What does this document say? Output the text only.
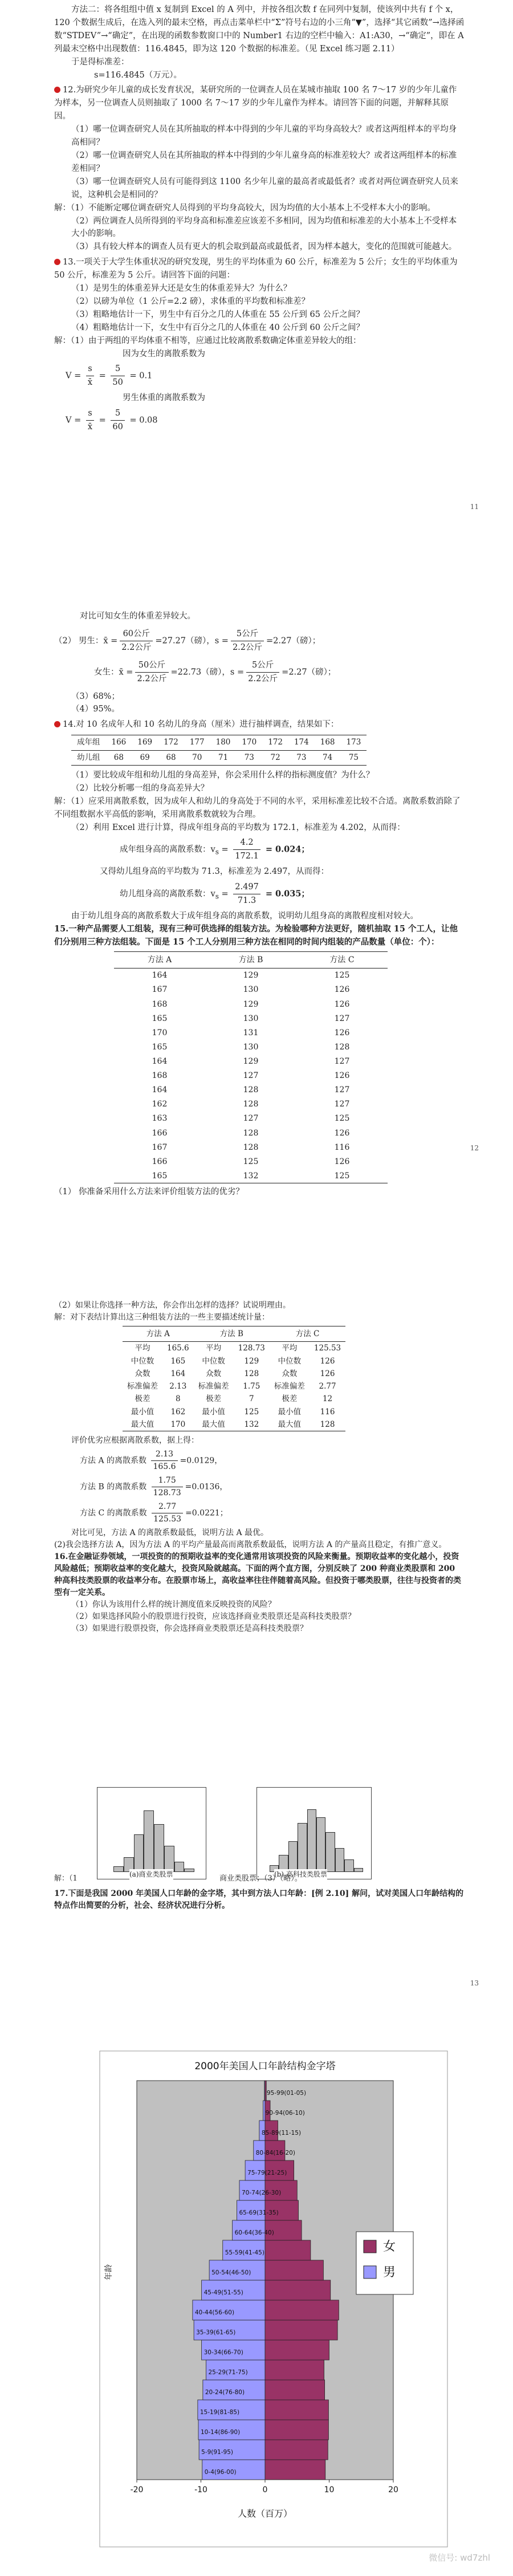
方法二：将各组组中值 x 复制到 Excel 的 A 列中，并按各组次数 f 在同列中复制，使该列中共有 f 个 x，120 个数据生成后，在选入列的最末空格，再点击菜单栏中“Σ”符号右边的小三角“▼”，选择“其它函数”→选择函数“STDEV”→“确定”，在出现的函数参数窗口中的 Number1 右边的空栏中输入：A1:A30，→“确定”，即在 A 列最末空格中出现数值：116.4845，即为这 120 个数据的标准差。（见 Excel 练习题 2.11）

于是得标准差：

s=116.4845（万元）。

12.为研究少年儿童的成长发育状况，某研究所的一位调查人员在某城市抽取 100 名 7～17 岁的少年儿童作为样本，另一位调查人员则抽取了 1000 名 7～17 岁的少年儿童作为样本。请回答下面的问题，并解释其原因。

（1）哪一位调查研究人员在其所抽取的样本中得到的少年儿童的平均身高较大？或者这两组样本的平均身高相同？

（2）哪一位调查研究人员在其所抽取的样本中得到的少年儿童身高的标准差较大？或者这两组样本的标准差相同？

（3）哪一位调查研究人员有可能得到这 1100 名少年儿童的最高者或最低者？或者对两位调查研究人员来说，这种机会是相同的？

解：（1）不能断定哪位调查研究人员得到的平均身高较大，因为均值的大小基本上不受样本大小的影响。

（2）两位调查人员所得到的平均身高和标准差应该差不多相同，因为均值和标准差的大小基本上不受样本大小的影响。

（3）具有较大样本的调查人员有更大的机会取到最高或最低者，因为样本越大，变化的范围就可能越大。

13.一项关于大学生体重状况的研究发现，男生的平均体重为 60 公斤，标准差为 5 公斤；女生的平均体重为 50 公斤，标准差为 5 公斤。请回答下面的问题：

（1）是男生的体重差异大还是女生的体重差异大？为什么？

（2）以磅为单位（1 公斤=2.2 磅），求体重的平均数和标准差？

（3）粗略地估计一下，男生中有百分之几的人体重在 55 公斤到 65 公斤之间？

（4）粗略地估计一下，女生中有百分之几的人体重在 40 公斤到 60 公斤之间？

解：（1）由于两组的平均体重不相等，应通过比较离散系数确定体重差异较大的组：

因为女生的离散系数为

$V = \frac{s}{x̄} = \frac{5}{50} = 0.1$

男生体重的离散系数为

$V = \frac{s}{x̄} = \frac{5}{60} = 0.08$
11

对比可知女生的体重差异较大。

（2） 男生：x̄ = $\frac{\text{60公斤}}{\text{2.2公斤}} =27.27$（磅），$s = \frac{\text{5公斤}}{\text{2.2公斤}} =2.27$（磅）；
女生：x̄ = $\frac{\text{50公斤}}{\text{2.2公斤}} =22.73$（磅），$s = \frac{\text{5公斤}}{\text{2.2公斤}} =2.27$（磅）；

（3）68%；

（4）95%。

14.对 10 名成年人和 10 名幼儿的身高（厘米）进行抽样调查，结果如下：

成年组	166	169	172	177	180	170	172	174	168	173
幼儿组	68	69	68	70	71	73	72	73	74	75

（1）要比较成年组和幼儿组的身高差异，你会采用什么样的指标测度值？为什么？

（2）比较分析哪一组的身高差异大？

解：（1）应采用离散系数，因为成年人和幼儿的身高处于不同的水平，采用标准差比较不合适。离散系数消除了不同组数据水平高低的影响，采用离散系数就较为合理。

（2）利用 Excel 进行计算，得成年组身高的平均数为 172.1，标准差为 4.202，从而得：

成年组身高的离散系数：$v_s = \frac{4.2}{172.1} = 0.024$；

又得幼儿组身高的平均数为 71.3，标准差为 2.497，从而得：

幼儿组身高的离散系数：$v_s = \frac{2.497}{71.3} = 0.035$；

由于幼儿组身高的离散系数大于成年组身高的离散系数，说明幼儿组身高的离散程度相对较大。

15.一种产品需要人工组装，现有三种可供选择的组装方法。为检验哪种方法更好，随机抽取 15 个工人，让他们分别用三种方法组装。下面是 15 个工人分别用三种方法在相同的时间内组装的产品数量（单位：个）：

方法 A	方法 B	方法 C
164	129	125
167	130	126
168	129	126
165	130	127
170	131	126
165	130	128
164	129	127
168	127	126
164	128	127
162	128	127
163	127	125
166	128	126
167	128	116
166	125	126
165	132	125

（1） 你准备采用什么方法来评价组装方法的优劣？

12

（2）如果让你选择一种方法，你会作出怎样的选择？试说明理由。

解：对下表结计算出这三种组装方法的一些主要描述统计量：

方法 A		方法 B		方法 C	
平均	165.6	平均	128.73	平均	125.53
中位数	165	中位数	129	中位数	126
众数	164	众数	128	众数	126
标准偏差	2.13	标准偏差	1.75	标准偏差	2.77
极差	8	极差	7	极差	12
最小值	162	最小值	125	最小值	116
最大值	170	最大值	132	最大值	128

评价优劣应根据离散系数，据上得：

方法 A 的离散系数 $\frac{2.13}{165.6} =0.0129$，
方法 B 的离散系数 $\frac{1.75}{128.73} =0.0136$，
方法 C 的离散系数 $\frac{2.77}{125.53} =0.0221$；

对比可见，方法 A 的离散系数最低，说明方法 A 最优。

(2)我会选择方法 A，因为方法 A 的平均产量最高而离散系数最低，说明方法 A 的产量高且稳定，有推广意义。

16.在金融证券领域，一项投资的的预期收益率的变化通常用该项投资的风险来衡量。预期收益率的变化越小，投资风险越低；预期收益率的变化越大，投资风险就越高。下面的两个直方图，分别反映了 200 种商业类股票和 200 种高科技类股票的收益率分布。在股票市场上，高收益率往往伴随着高风险。但投资于哪类股票，往往与投资者的类型有一定关系。

（1）你认为该用什么样的统计测度值来反映投资的风险？

（2）如果选择风险小的股票进行投资，应该选择商业类股票还是高科技类股票？

（3）如果进行股票投资，你会选择商业类股票还是高科技类股票？

(a)商业类股票	(b) 高科技类股票
解：（1	商业类股票；（3）（略）。

17.下面是我国 2000 年美国人口年龄的金字塔，其中到方法人口年龄：[例 2.10] 解问，试对美国人口年龄结构的特点作出简要的分析，社会、经济状况进行分析。

13
2000年美国人口年龄结构金字塔
年龄
人数（百万）
0-4(96-00)
5-9(91-95)
10-14(86-90)
15-19(81-85)
20-24(76-80)
25-29(71-75)
30-34(66-70)
35-39(61-65)
40-44(56-60)
45-49(51-55)
50-54(46-50)
55-59(41-45)
60-64(36-40)
65-69(31-35)
70-74(26-30)
75-79(21-25)
80-84(16-20)
85-89(11-15)
90-94(06-10)
95-99(01-05)
-20	-10	0	10	20
女
男
微信号: wd7zhl
